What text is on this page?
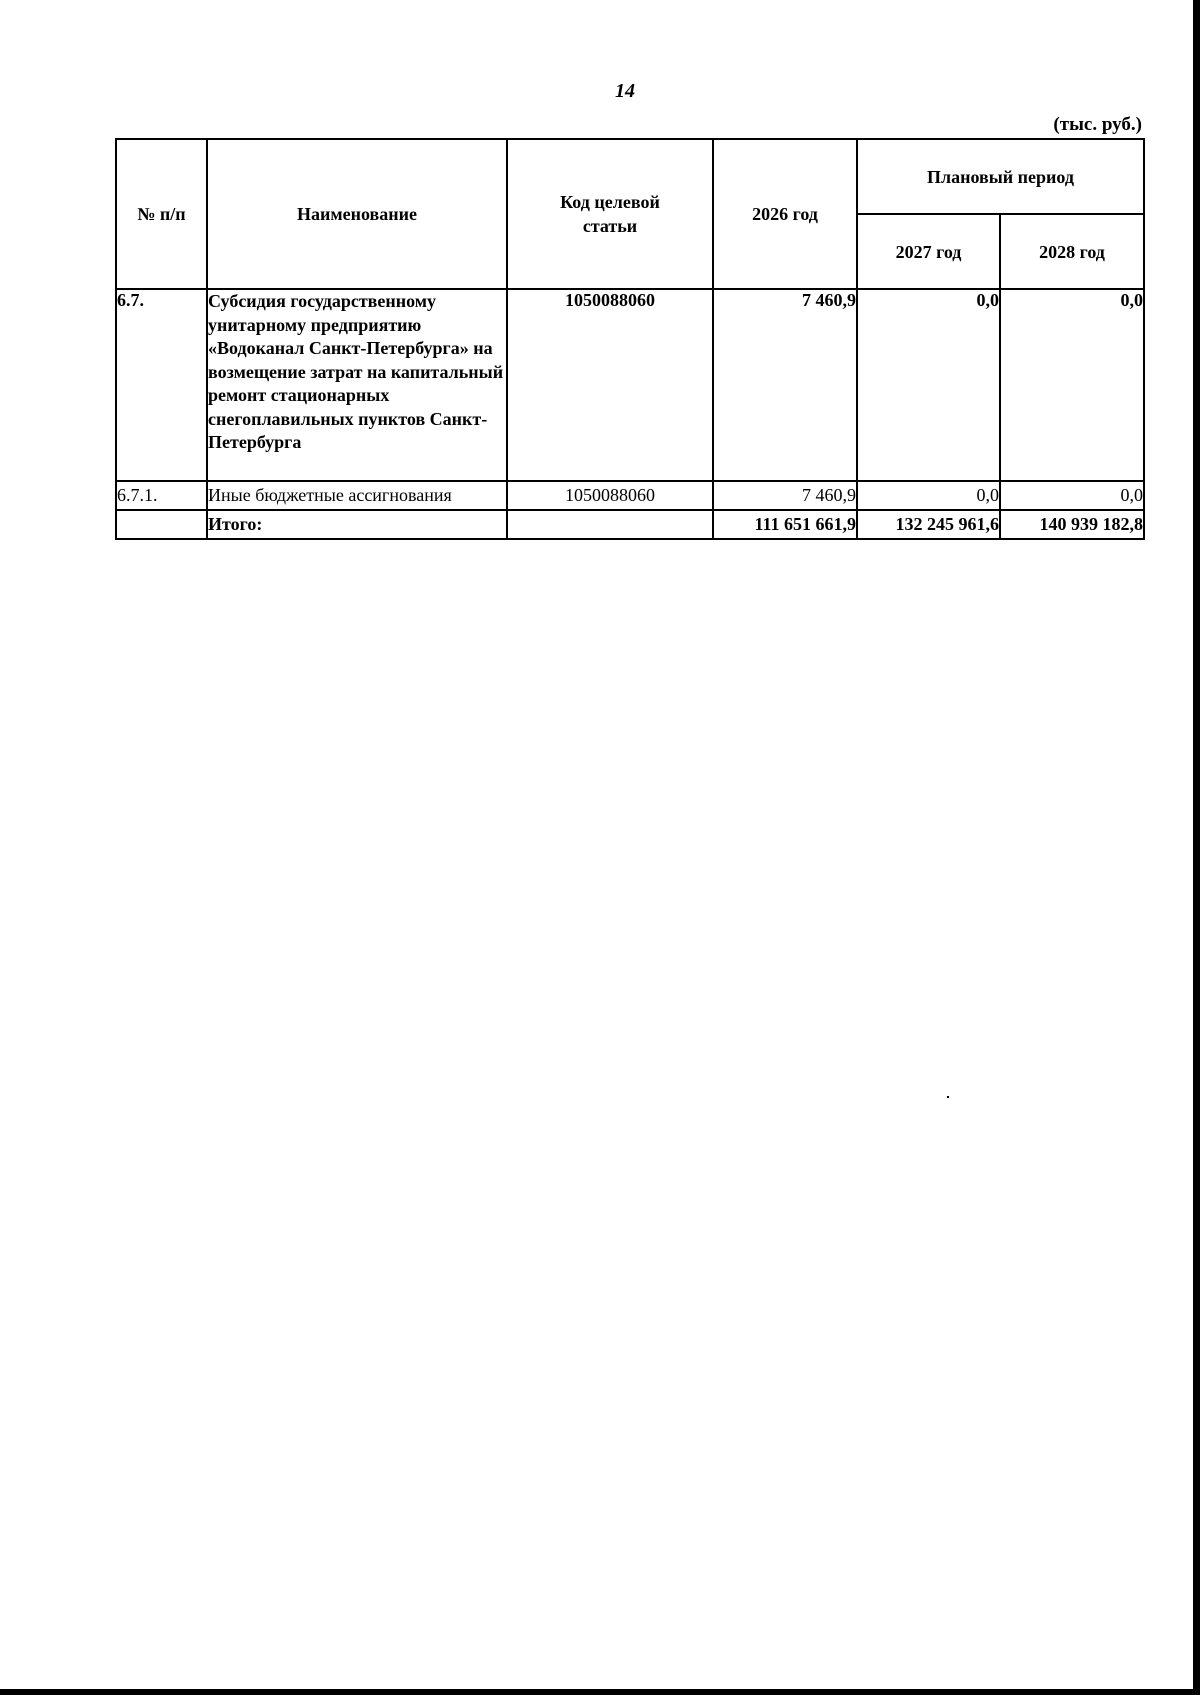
14
(тыс. руб.)
№ п/п	Наименование	Код целевой статьи	2026 год	Плановый период	
				2027 год	2028 год
6.7.	Субсидия государственному унитарному предприятию «Водоканал Санкт-Петербурга» на возмещение затрат на капитальный ремонт стационарных снегоплавильных пунктов Санкт-Петербурга	1050088060	7 460,9	0,0	0,0
6.7.1.	Иные бюджетные ассигнования	1050088060	7 460,9	0,0	0,0
	Итого:		111 651 661,9	132 245 961,6	140 939 182,8
